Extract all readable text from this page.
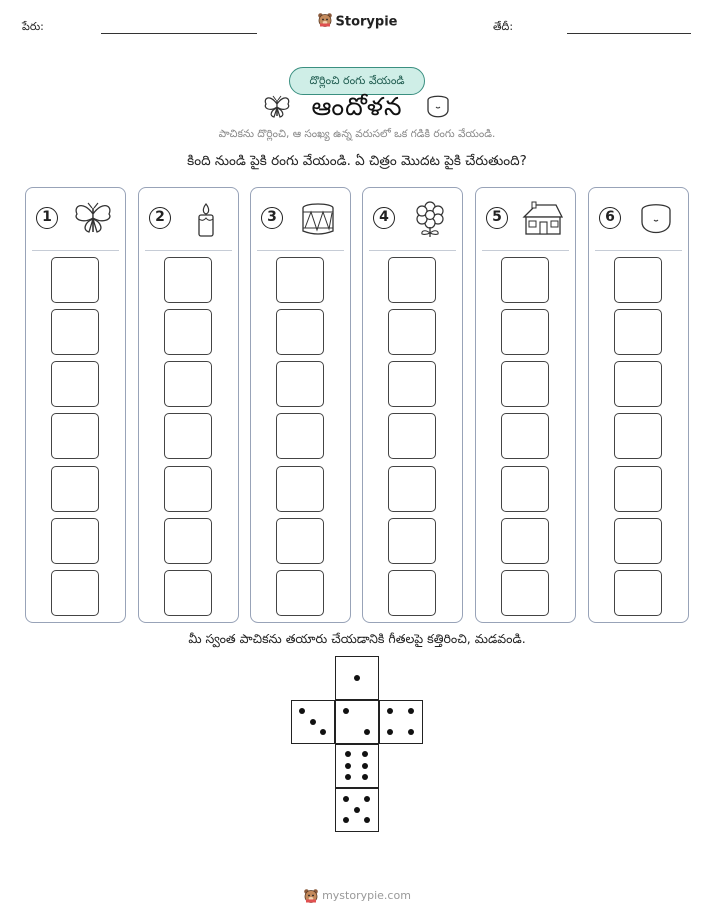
పేరు:	Storypie	తేదీ:
దొర్లించి రంగు వేయండి
ఆందోళన
పాచికను దొర్లించి, ఆ సంఖ్య ఉన్న వరుసలో ఒక గడికి రంగు వేయండి.
కింది నుండి పైకి రంగు వేయండి. ఏ చిత్రం మొదట పైకి చేరుతుంది?
1	2	3	4	5	6
మీ స్వంత పాచికను తయారు చేయడానికి గీతలపై కత్తిరించి, మడవండి.
mystorypie.com
